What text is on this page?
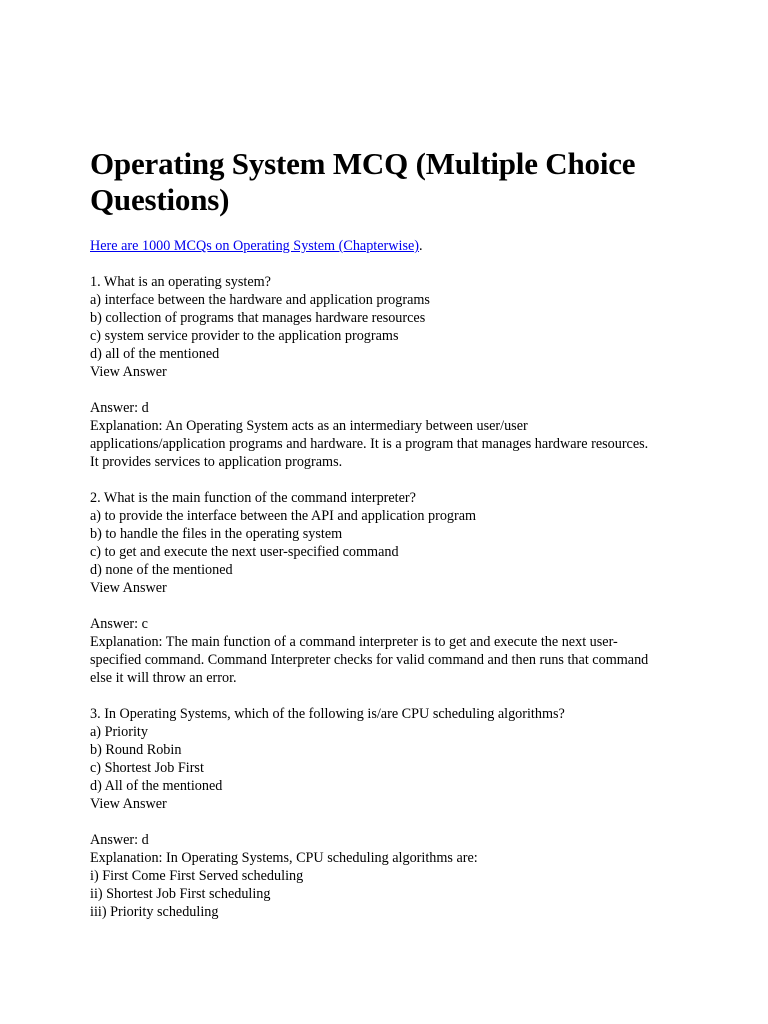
Operating System MCQ (Multiple Choice Questions)
Here are 1000 MCQs on Operating System (Chapterwise).
1. What is an operating system?
a) interface between the hardware and application programs
b) collection of programs that manages hardware resources
c) system service provider to the application programs
d) all of the mentioned
View Answer
Answer: d
Explanation: An Operating System acts as an intermediary between user/user applications/application programs and hardware. It is a program that manages hardware resources. It provides services to application programs.
2. What is the main function of the command interpreter?
a) to provide the interface between the API and application program
b) to handle the files in the operating system
c) to get and execute the next user-specified command
d) none of the mentioned
View Answer
Answer: c
Explanation: The main function of a command interpreter is to get and execute the next user-specified command. Command Interpreter checks for valid command and then runs that command else it will throw an error.
3. In Operating Systems, which of the following is/are CPU scheduling algorithms?
a) Priority
b) Round Robin
c) Shortest Job First
d) All of the mentioned
View Answer
Answer: d
Explanation: In Operating Systems, CPU scheduling algorithms are:
i) First Come First Served scheduling
ii) Shortest Job First scheduling
iii) Priority scheduling
